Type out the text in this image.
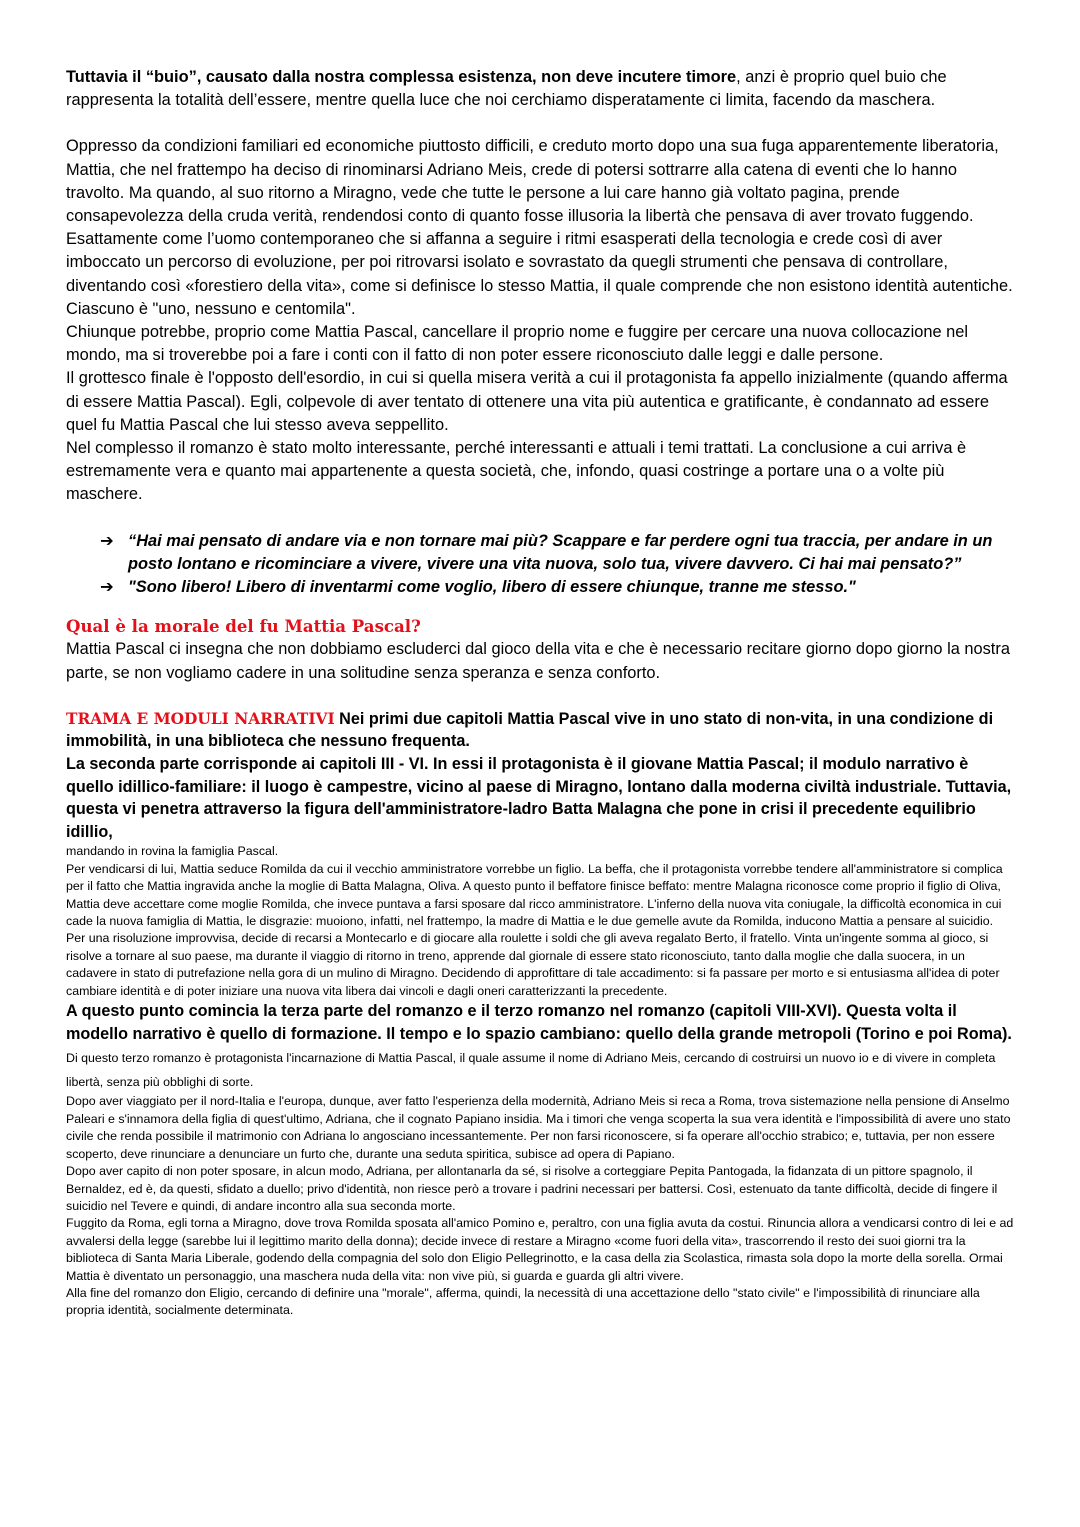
Tuttavia il “buio”, causato dalla nostra complessa esistenza, non deve incutere timore, anzi è proprio quel buio che rappresenta la totalità dell’essere, mentre quella luce che noi cerchiamo disperatamente ci limita, facendo da maschera.

Oppresso da condizioni familiari ed economiche piuttosto difficili, e creduto morto dopo una sua fuga apparentemente liberatoria, Mattia, che nel frattempo ha deciso di rinominarsi Adriano Meis, crede di potersi sottrarre alla catena di eventi che lo hanno travolto. Ma quando, al suo ritorno a Miragno, vede che tutte le persone a lui care hanno già voltato pagina, prende consapevolezza della cruda verità, rendendosi conto di quanto fosse illusoria la libertà che pensava di aver trovato fuggendo.

Esattamente come l’uomo contemporaneo che si affanna a seguire i ritmi esasperati della tecnologia e crede così di aver imboccato un percorso di evoluzione, per poi ritrovarsi isolato e sovrastato da quegli strumenti che pensava di controllare, diventando così «forestiero della vita», come si definisce lo stesso Mattia, il quale comprende che non esistono identità autentiche. Ciascuno è "uno, nessuno e centomila".

Chiunque potrebbe, proprio come Mattia Pascal, cancellare il proprio nome e fuggire per cercare una nuova collocazione nel mondo, ma si troverebbe poi a fare i conti con il fatto di non poter essere riconosciuto dalle leggi e dalle persone.

Il grottesco finale è l'opposto dell'esordio, in cui si quella misera verità a cui il protagonista fa appello inizialmente (quando afferma di essere Mattia Pascal). Egli, colpevole di aver tentato di ottenere una vita più autentica e gratificante, è condannato ad essere quel fu Mattia Pascal che lui stesso aveva seppellito.

Nel complesso il romanzo è stato molto interessante, perché interessanti e attuali i temi trattati. La conclusione a cui arriva è estremamente vera e quanto mai appartenente a questa società, che, infondo, quasi costringe a portare una o a volte più maschere.

➔ “Hai mai pensato di andare via e non tornare mai più? Scappare e far perdere ogni tua traccia, per andare in un posto lontano e ricominciare a vivere, vivere una vita nuova, solo tua, vivere davvero. Ci hai mai pensato?”
➔ "Sono libero! Libero di inventarmi come voglio, libero di essere chiunque, tranne me stesso."

Qual è la morale del fu Mattia Pascal?

Mattia Pascal ci insegna che non dobbiamo escluderci dal gioco della vita e che è necessario recitare giorno dopo giorno la nostra parte, se non vogliamo cadere in una solitudine senza speranza e senza conforto.

TRAMA E MODULI NARRATIVI Nei primi due capitoli Mattia Pascal vive in uno stato di non-vita, in una condizione di immobilità, in una biblioteca che nessuno frequenta.

La seconda parte corrisponde ai capitoli III - VI. In essi il protagonista è il giovane Mattia Pascal; il modulo narrativo è quello idillico-familiare: il luogo è campestre, vicino al paese di Miragno, lontano dalla moderna civiltà industriale. Tuttavia, questa vi penetra attraverso la figura dell'amministratore-ladro Batta Malagna che pone in crisi il precedente equilibrio idillio,

mandando in rovina la famiglia Pascal.

Per vendicarsi di lui, Mattia seduce Romilda da cui il vecchio amministratore vorrebbe un figlio. La beffa, che il protagonista vorrebbe tendere all'amministratore si complica per il fatto che Mattia ingravida anche la moglie di Batta Malagna, Oliva. A questo punto il beffatore finisce beffato: mentre Malagna riconosce come proprio il figlio di Oliva, Mattia deve accettare come moglie Romilda, che invece puntava a farsi sposare dal ricco amministratore. L'inferno della nuova vita coniugale, la difficoltà economica in cui cade la nuova famiglia di Mattia, le disgrazie: muoiono, infatti, nel frattempo, la madre di Mattia e le due gemelle avute da Romilda, inducono Mattia a pensare al suicidio.

Per una risoluzione improvvisa, decide di recarsi a Montecarlo e di giocare alla roulette i soldi che gli aveva regalato Berto, il fratello. Vinta un'ingente somma al gioco, si risolve a tornare al suo paese, ma durante il viaggio di ritorno in treno, apprende dal giornale di essere stato riconosciuto, tanto dalla moglie che dalla suocera, in un cadavere in stato di putrefazione nella gora di un mulino di Miragno. Decidendo di approfittare di tale accadimento: si fa passare per morto e si entusiasma all'idea di poter cambiare identità e di poter iniziare una nuova vita libera dai vincoli e dagli oneri caratterizzanti la precedente.

A questo punto comincia la terza parte del romanzo e il terzo romanzo nel romanzo (capitoli VIII-XVI). Questa volta il modello narrativo è quello di formazione. Il tempo e lo spazio cambiano: quello della grande metropoli (Torino e poi Roma). Di questo terzo romanzo è protagonista l'incarnazione di Mattia Pascal, il quale assume il nome di Adriano Meis, cercando di costruirsi un nuovo io e di vivere in completa libertà, senza più obblighi di sorte.

Dopo aver viaggiato per il nord-Italia e l'europa, dunque, aver fatto l'esperienza della modernità, Adriano Meis si reca a Roma, trova sistemazione nella pensione di Anselmo Paleari e s'innamora della figlia di quest'ultimo, Adriana, che il cognato Papiano insidia. Ma i timori che venga scoperta la sua vera identità e l'impossibilità di avere uno stato civile che renda possibile il matrimonio con Adriana lo angosciano incessantemente. Per non farsi riconoscere, si fa operare all'occhio strabico; e, tuttavia, per non essere scoperto, deve rinunciare a denunciare un furto che, durante una seduta spiritica, subisce ad opera di Papiano.

Dopo aver capito di non poter sposare, in alcun modo, Adriana, per allontanarla da sé, si risolve a corteggiare Pepita Pantogada, la fidanzata di un pittore spagnolo, il Bernaldez, ed è, da questi, sfidato a duello; privo d'identità, non riesce però a trovare i padrini necessari per battersi. Così, estenuato da tante difficoltà, decide di fingere il suicidio nel Tevere e quindi, di andare incontro alla sua seconda morte.

Fuggito da Roma, egli torna a Miragno, dove trova Romilda sposata all'amico Pomino e, peraltro, con una figlia avuta da costui. Rinuncia allora a vendicarsi contro di lei e ad avvalersi della legge (sarebbe lui il legittimo marito della donna); decide invece di restare a Miragno «come fuori della vita», trascorrendo il resto dei suoi giorni tra la biblioteca di Santa Maria Liberale, godendo della compagnia del solo don Eligio Pellegrinotto, e la casa della zia Scolastica, rimasta sola dopo la morte della sorella. Ormai Mattia è diventato un personaggio, una maschera nuda della vita: non vive più, si guarda e guarda gli altri vivere.

Alla fine del romanzo don Eligio, cercando di definire una "morale", afferma, quindi, la necessità di una accettazione dello "stato civile" e l'impossibilità di rinunciare alla propria identità, socialmente determinata.
